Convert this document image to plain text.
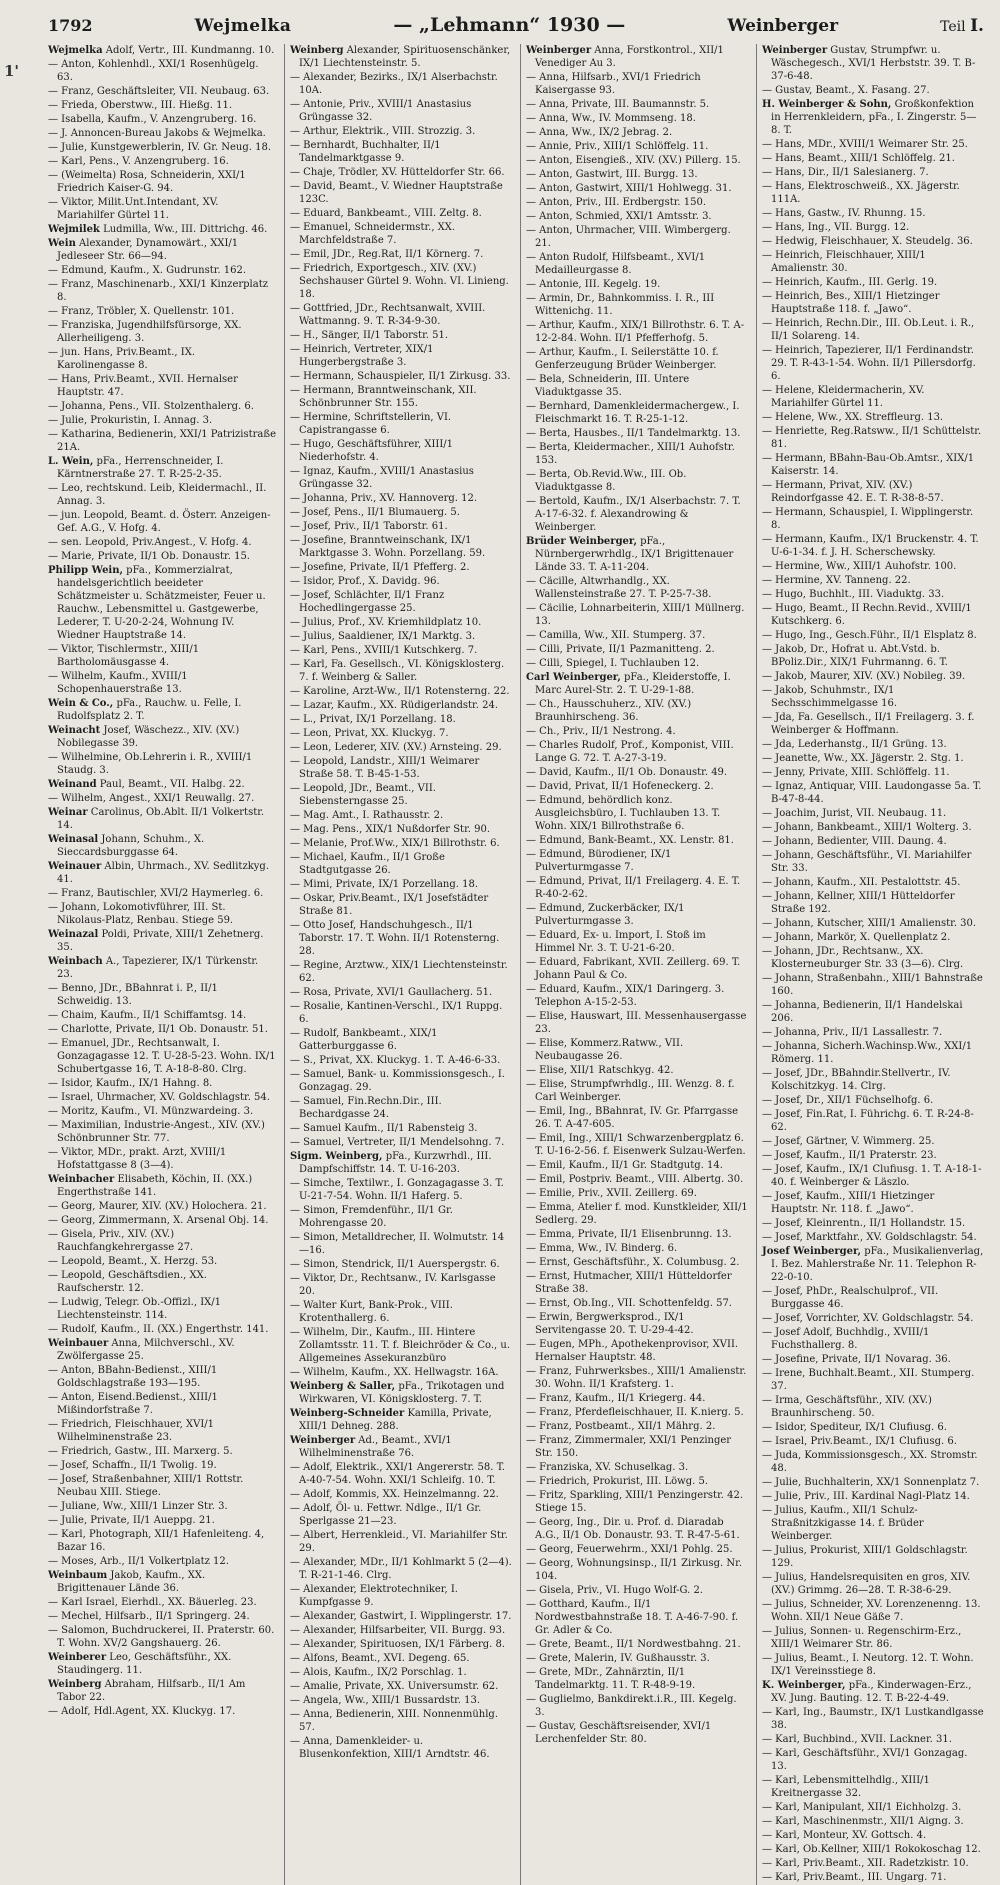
1'
1792	Wejmelka	— „Lehmann“ 1930 —	Weinberger	Teil I.
Wejmelka Adolf, Vertr., III. Kundmanng. 10.
— Anton, Kohlenhdl., XXI/1 Rosenhügelg. 63.
— Franz, Geschäftsleiter, VII. Neubaug. 63.
— Frieda, Oberstww., III. Hießg. 11.
— Isabella, Kaufm., V. Anzengruberg. 16.
— J. Annoncen-Bureau Jakobs & Wejmelka.
— Julie, Kunstgewerblerin, IV. Gr. Neug. 18.
— Karl, Pens., V. Anzengruberg. 16.
— (Weimelta) Rosa, Schneiderin, XXI/1 Friedrich Kaiser-G. 94.
— Viktor, Milit.Unt.Intendant, XV. Mariahilfer Gürtel 11.
Wejmilek Ludmilla, Ww., III. Dittrichg. 46.
Wein Alexander, Dynamowärt., XXI/1 Jedleseer Str. 66—94.
— Edmund, Kaufm., X. Gudrunstr. 162.
— Franz, Maschinenarb., XXI/1 Kinzerplatz 8.
— Franz, Tröbler, X. Quellenstr. 101.
— Franziska, Jugendhilfsfürsorge, XX. Allerheiligeng. 3.
— jun. Hans, Priv.Beamt., IX. Karolinengasse 8.
— Hans, Priv.Beamt., XVII. Hernalser Hauptstr. 47.
— Johanna, Pens., VII. Stolzenthalerg. 6.
— Julie, Prokuristin, I. Annag. 3.
— Katharina, Bedienerin, XXI/1 Patrizistraße 21A.
L. Wein, pFa., Herrenschneider, I. Kärntnerstraße 27. T. R-25-2-35.
— Leo, rechtskund. Leib, Kleidermachl., II. Annag. 3.
— jun. Leopold, Beamt. d. Österr. Anzeigen-Gef. A.G., V. Hofg. 4.
— sen. Leopold, Priv.Angest., V. Hofg. 4.
— Marie, Private, II/1 Ob. Donaustr. 15.
Philipp Wein, pFa., Kommerzialrat, handelsgerichtlich beeideter Schätzmeister u. Schätzmeister, Feuer u. Rauchw., Lebensmittel u. Gastgewerbe, Lederer, T. U-20-2-24, Wohnung IV. Wiedner Hauptstraße 14.
— Viktor, Tischlermstr., XIII/1 Bartholomäusgasse 4.
— Wilhelm, Kaufm., XVIII/1 Schopenhauerstraße 13.
Wein & Co., pFa., Rauchw. u. Felle, I. Rudolfsplatz 2. T.
Weinacht Josef, Wäschezz., XIV. (XV.) Nobilegasse 39.
— Wilhelmine, Ob.Lehrerin i. R., XVIII/1 Staudg. 3.
Weinand Paul, Beamt., VII. Halbg. 22.
— Wilhelm, Angest., XXI/1 Reuwallg. 27.
Weinar Carolinus, Ob.Ablt. II/1 Volkertstr. 14.
Weinasal Johann, Schuhm., X. Sieccardsburggasse 64.
Weinauer Albin, Uhrmach., XV. Sedlitzkyg. 41.
— Franz, Bautischler, XVI/2 Haymerleg. 6.
— Johann, Lokomotivführer, III. St. Nikolaus-Platz, Renbau. Stiege 59.
Weinazal Poldi, Private, XIII/1 Zehetnerg. 35.
Weinbach A., Tapezierer, IX/1 Türkenstr. 23.
— Benno, JDr., BBahnrat i. P., II/1 Schweidig. 13.
— Chaim, Kaufm., II/1 Schiffamtsg. 14.
— Charlotte, Private, II/1 Ob. Donaustr. 51.
— Emanuel, JDr., Rechtsanwalt, I. Gonzagagasse 12. T. U-28-5-23. Wohn. IX/1 Schubertgasse 16, T. A-18-8-80. Clrg.
— Isidor, Kaufm., IX/1 Hahng. 8.
— Israel, Uhrmacher, XV. Goldschlagstr. 54.
— Moritz, Kaufm., VI. Münzwardeing. 3.
— Maximilian, Industrie-Angest., XIV. (XV.) Schönbrunner Str. 77.
— Viktor, MDr., prakt. Arzt, XVIII/1 Hofstattgasse 8 (3—4).
Weinbacher Elisabeth, Köchin, II. (XX.) Engerthstraße 141.
— Georg, Maurer, XIV. (XV.) Holochera. 21.
— Georg, Zimmermann, X. Arsenal Obj. 14.
— Gisela, Priv., XIV. (XV.) Rauchfangkehrergasse 27.
— Leopold, Beamt., X. Herzg. 53.
— Leopold, Geschäftsdien., XX. Raufscherstr. 12.
— Ludwig, Telegr. Ob.-Offizl., IX/1 Liechtensteinstr. 114.
— Rudolf, Kaufm., II. (XX.) Engerthstr. 141.
Weinbauer Anna, Milchverschl., XV. Zwölfergasse 25.
— Anton, BBahn-Bedienst., XIII/1 Goldschlagstraße 193—195.
— Anton, Eisend.Bedienst., XIII/1 Mißindorfstraße 7.
— Friedrich, Fleischhauer, XVI/1 Wilhelminenstraße 23.
— Friedrich, Gastw., III. Marxerg. 5.
— Josef, Schaffn., II/1 Twolig. 19.
— Josef, Straßenbahner, XIII/1 Rottstr. Neubau XIII. Stiege.
— Juliane, Ww., XIII/1 Linzer Str. 3.
— Julie, Private, II/1 Aueppg. 21.
— Karl, Photograph, XII/1 Hafenleiteng. 4, Bazar 16.
— Moses, Arb., II/1 Volkertplatz 12.
Weinbaum Jakob, Kaufm., XX. Brigittenauer Lände 36.
— Karl Israel, Eierhdl., XX. Bäuerleg. 23.
— Mechel, Hilfsarb., II/1 Springerg. 24.
— Salomon, Buchdruckerei, II. Praterstr. 60. T. Wohn. XV/2 Gangshauerg. 26.
Weinberer Leo, Geschäftsführ., XX. Staudingerg. 11.
Weinberg Abraham, Hilfsarb., II/1 Am Tabor 22.
— Adolf, Hdl.Agent, XX. Kluckyg. 17.
Weinberg Alexander, Spirituosenschänker, IX/1 Liechtensteinstr. 5.
— Alexander, Bezirks., IX/1 Alserbachstr. 10A.
— Antonie, Priv., XVIII/1 Anastasius Grüngasse 32.
— Arthur, Elektrik., VIII. Strozzig. 3.
— Bernhardt, Buchhalter, II/1 Tandelmarktgasse 9.
— Chaje, Trödler, XV. Hütteldorfer Str. 66.
— David, Beamt., V. Wiedner Hauptstraße 123C.
— Eduard, Bankbeamt., VIII. Zeltg. 8.
— Emanuel, Schneidermstr., XX. Marchfeldstraße 7.
— Emil, JDr., Reg.Rat, II/1 Körnerg. 7.
— Friedrich, Exportgesch., XIV. (XV.) Sechshauser Gürtel 9. Wohn. VI. Linieng. 18.
— Gottfried, JDr., Rechtsanwalt, XVIII. Wattmanng. 9. T. R-34-9-30.
— H., Sänger, II/1 Taborstr. 51.
— Heinrich, Vertreter, XIX/1 Hungerbergstraße 3.
— Hermann, Schauspieler, II/1 Zirkusg. 33.
— Hermann, Branntweinschank, XII. Schönbrunner Str. 155.
— Hermine, Schriftstellerin, VI. Capistrangasse 6.
— Hugo, Geschäftsführer, XIII/1 Niederhofstr. 4.
— Ignaz, Kaufm., XVIII/1 Anastasius Grüngasse 32.
— Johanna, Priv., XV. Hannoverg. 12.
— Josef, Pens., II/1 Blumauerg. 5.
— Josef, Priv., II/1 Taborstr. 61.
— Josefine, Branntweinschank, IX/1 Marktgasse 3. Wohn. Porzellang. 59.
— Josefine, Private, II/1 Pfefferg. 2.
— Isidor, Prof., X. Davidg. 96.
— Josef, Schlächter, II/1 Franz Hochedlingergasse 25.
— Julius, Prof., XV. Kriemhildplatz 10.
— Julius, Saaldiener, IX/1 Marktg. 3.
— Karl, Pens., XVIII/1 Kutschkerg. 7.
— Karl, Fa. Gesellsch., VI. Königsklosterg. 7. f. Weinberg & Saller.
— Karoline, Arzt-Ww., II/1 Rotensterng. 22.
— Lazar, Kaufm., XX. Rüdigerlandstr. 24.
— L., Privat, IX/1 Porzellang. 18.
— Leon, Privat, XX. Kluckyg. 7.
— Leon, Lederer, XIV. (XV.) Arnsteing. 29.
— Leopold, Landstr., XIII/1 Weimarer Straße 58. T. B-45-1-53.
— Leopold, JDr., Beamt., VII. Siebensterngasse 25.
— Mag. Amt., I. Rathausstr. 2.
— Mag. Pens., XIX/1 Nußdorfer Str. 90.
— Melanie, Prof.Ww., XIX/1 Billrothstr. 6.
— Michael, Kaufm., II/1 Große Stadtgutgasse 26.
— Mimi, Private, IX/1 Porzellang. 18.
— Oskar, Priv.Beamt., IX/1 Josefstädter Straße 81.
— Otto Josef, Handschuhgesch., II/1 Taborstr. 17. T. Wohn. II/1 Rotensterng. 28.
— Regine, Arztww., XIX/1 Liechtensteinstr. 62.
— Rosa, Private, XVI/1 Gaullacherg. 51.
— Rosalie, Kantinen-Verschl., IX/1 Ruppg. 6.
— Rudolf, Bankbeamt., XIX/1 Gatterburggasse 6.
— S., Privat, XX. Kluckyg. 1. T. A-46-6-33.
— Samuel, Bank- u. Kommissionsgesch., I. Gonzagag. 29.
— Samuel, Fin.Rechn.Dir., III. Bechardgasse 24.
— Samuel Kaufm., II/1 Rabensteig 3.
— Samuel, Vertreter, II/1 Mendelsohng. 7.
Sigm. Weinberg, pFa., Kurzwrhdl., III. Dampfschiffstr. 14. T. U-16-203.
— Simche, Textilwr., I. Gonzagagasse 3. T. U-21-7-54. Wohn. II/1 Haferg. 5.
— Simon, Fremdenführ., II/1 Gr. Mohrengasse 20.
— Simon, Metalldrecher, II. Wolmutstr. 14—16.
— Simon, Stendrick, II/1 Auerspergstr. 6.
— Viktor, Dr., Rechtsanw., IV. Karlsgasse 20.
— Walter Kurt, Bank-Prok., VIII. Krotenthallerg. 6.
— Wilhelm, Dir., Kaufm., III. Hintere Zollamtsstr. 11. T. f. Bleichröder & Co., u. Allgemeines Assekuranzbüro
— Wilhelm, Kaufm., XX. Hellwagstr. 16A.
Weinberg & Saller, pFa., Trikotagen und Wirkwaren, VI. Königsklosterg. 7. T.
Weinberg-Schneider Kamilla, Private, XIII/1 Dehneg. 288.
Weinberger Ad., Beamt., XVI/1 Wilhelminenstraße 76.
— Adolf, Elektrik., XXI/1 Angererstr. 58. T. A-40-7-54. Wohn. XXI/1 Schleifg. 10. T.
— Adolf, Kommis, XX. Heinzelmanng. 22.
— Adolf, Öl- u. Fettwr. Ndlge., II/1 Gr. Sperlgasse 21—23.
— Albert, Herrenkleid., VI. Mariahilfer Str. 29.
— Alexander, MDr., II/1 Kohlmarkt 5 (2—4). T. R-21-1-46. Clrg.
— Alexander, Elektrotechniker, I. Kumpfgasse 9.
— Alexander, Gastwirt, I. Wipplingerstr. 17.
— Alexander, Hilfsarbeiter, VII. Burgg. 93.
— Alexander, Spirituosen, IX/1 Färberg. 8.
— Alfons, Beamt., XVI. Degeng. 65.
— Alois, Kaufm., IX/2 Porschlag. 1.
— Amalie, Private, XX. Universumstr. 62.
— Angela, Ww., XIII/1 Bussardstr. 13.
— Anna, Bedienerin, XIII. Nonnenmühlg. 57.
— Anna, Damenkleider- u. Blusenkonfektion, XIII/1 Arndtstr. 46.
Weinberger Anna, Forstkontrol., XII/1 Venediger Au 3.
— Anna, Hilfsarb., XVI/1 Friedrich Kaisergasse 93.
— Anna, Private, III. Baumannstr. 5.
— Anna, Ww., IV. Mommseng. 18.
— Anna, Ww., IX/2 Jebrag. 2.
— Annie, Priv., XIII/1 Schlöffelg. 11.
— Anton, Eisengieß., XIV. (XV.) Pillerg. 15.
— Anton, Gastwirt, III. Burgg. 13.
— Anton, Gastwirt, XIII/1 Hohlwegg. 31.
— Anton, Priv., III. Erdbergstr. 150.
— Anton, Schmied, XXI/1 Amtsstr. 3.
— Anton, Uhrmacher, VIII. Wimbergerg. 21.
— Anton Rudolf, Hilfsbeamt., XVI/1 Medailleurgasse 8.
— Antonie, III. Kegelg. 19.
— Armin, Dr., Bahnkommiss. I. R., III Wittenichg. 11.
— Arthur, Kaufm., XIX/1 Billrothstr. 6. T. A-12-2-84. Wohn. II/1 Pfefferhofg. 5.
— Arthur, Kaufm., I. Seilerstätte 10. f. Genferzeugung Brüder Weinberger.
— Bela, Schneiderin, III. Untere Viaduktgasse 35.
— Bernhard, Damenkleidermachergew., I. Fleischmarkt 16. T. R-25-1-12.
— Berta, Hausbes., II/1 Tandelmarktg. 13.
— Berta, Kleidermacher., XIII/1 Auhofstr. 153.
— Berta, Ob.Revid.Ww., III. Ob. Viaduktgasse 8.
— Bertold, Kaufm., IX/1 Alserbachstr. 7. T. A-17-6-32. f. Alexandrowing & Weinberger.
Brüder Weinberger, pFa., Nürnbergerwrhdlg., IX/1 Brigittenauer Lände 33. T. A-11-204.
— Cäcille, Altwrhandlg., XX. Wallensteinstraße 27. T. P-25-7-38.
— Cäcilie, Lohnarbeiterin, XIII/1 Müllnerg. 13.
— Camilla, Ww., XII. Stumperg. 37.
— Cilli, Private, II/1 Pazmanitteng. 2.
— Cilli, Spiegel, I. Tuchlauben 12.
Carl Weinberger, pFa., Kleiderstoffe, I. Marc Aurel-Str. 2. T. U-29-1-88.
— Ch., Hausschuherz., XIV. (XV.) Braunhirscheng. 36.
— Ch., Priv., II/1 Nestrong. 4.
— Charles Rudolf, Prof., Komponist, VIII. Lange G. 72. T. A-27-3-19.
— David, Kaufm., II/1 Ob. Donaustr. 49.
— David, Privat, II/1 Hofeneckerg. 2.
— Edmund, behördlich konz. Ausgleichsbüro, I. Tuchlauben 13. T. Wohn. XIX/1 Billrothstraße 6.
— Edmund, Bank-Beamt., XX. Lenstr. 81.
— Edmund, Bürodiener, IX/1 Pulverturmgasse 7.
— Edmund, Privat, II/1 Freilagerg. 4. E. T. R-40-2-62.
— Edmund, Zuckerbäcker, IX/1 Pulverturmgasse 3.
— Eduard, Ex- u. Import, I. Stoß im Himmel Nr. 3. T. U-21-6-20.
— Eduard, Fabrikant, XVII. Zeillerg. 69. T. Johann Paul & Co.
— Eduard, Kaufm., XIX/1 Daringerg. 3. Telephon A-15-2-53.
— Elise, Hauswart, III. Messenhausergasse 23.
— Elise, Kommerz.Ratww., VII. Neubaugasse 26.
— Elise, XII/1 Ratschkyg. 42.
— Elise, Strumpfwrhdlg., III. Wenzg. 8. f. Carl Weinberger.
— Emil, Ing., BBahnrat, IV. Gr. Pfarrgasse 26. T. A-47-605.
— Emil, Ing., XIII/1 Schwarzenbergplatz 6. T. U-16-2-56. f. Eisenwerk Sulzau-Werfen.
— Emil, Kaufm., II/1 Gr. Stadtgutg. 14.
— Emil, Postpriv. Beamt., VIII. Albertg. 30.
— Emilie, Priv., XVII. Zeillerg. 69.
— Emma, Atelier f. mod. Kunstkleider, XII/1 Sedlerg. 29.
— Emma, Private, II/1 Elisenbrunng. 13.
— Emma, Ww., IV. Binderg. 6.
— Ernst, Geschäftsführ., X. Columbusg. 2.
— Ernst, Hutmacher, XIII/1 Hütteldorfer Straße 38.
— Ernst, Ob.Ing., VII. Schottenfeldg. 57.
— Erwin, Bergwerksprod., IX/1 Servitengasse 20. T. U-29-4-42.
— Eugen, MPh., Apothekenprovisor, XVII. Hernalser Hauptstr. 48.
— Franz, Fuhrwerksbes., XIII/1 Amalienstr. 30. Wohn. II/1 Krafsterg. 1.
— Franz, Kaufm., II/1 Kriegerg. 44.
— Franz, Pferdefleischhauer, II. K.nierg. 5.
— Franz, Postbeamt., XII/1 Mährg. 2.
— Franz, Zimmermaler, XXI/1 Penzinger Str. 150.
— Franziska, XV. Schuselkag. 3.
— Friedrich, Prokurist, III. Löwg. 5.
— Fritz, Sparkling, XIII/1 Penzingerstr. 42. Stiege 15.
— Georg, Ing., Dir. u. Prof. d. Diaradab A.G., II/1 Ob. Donaustr. 93. T. R-47-5-61.
— Georg, Feuerwehrm., XXI/1 Pohlg. 25.
— Georg, Wohnungsinsp., II/1 Zirkusg. Nr. 104.
— Gisela, Priv., VI. Hugo Wolf-G. 2.
— Gotthard, Kaufm., II/1 Nordwestbahnstraße 18. T. A-46-7-90. f. Gr. Adler & Co.
— Grete, Beamt., II/1 Nordwestbahng. 21.
— Grete, Malerin, IV. Gußhausstr. 3.
— Grete, MDr., Zahnärztin, II/1 Tandelmarktg. 11. T. R-48-9-19.
— Guglielmo, Bankdirekt.i.R., III. Kegelg. 3.
— Gustav, Geschäftsreisender, XVI/1 Lerchenfelder Str. 80.
Weinberger Gustav, Strumpfwr. u. Wäschegesch., XVI/1 Herbststr. 39. T. B-37-6-48.
— Gustav, Beamt., X. Fasang. 27.
H. Weinberger & Sohn, Großkonfektion in Herrenkleidern, pFa., I. Zingerstr. 5—8. T.
— Hans, MDr., XVIII/1 Weimarer Str. 25.
— Hans, Beamt., XIII/1 Schlöffelg. 21.
— Hans, Dir., II/1 Salesianerg. 7.
— Hans, Elektroschweiß., XX. Jägerstr. 111A.
— Hans, Gastw., IV. Rhunng. 15.
— Hans, Ing., VII. Burgg. 12.
— Hedwig, Fleischhauer, X. Steudelg. 36.
— Heinrich, Fleischhauer, XIII/1 Amalienstr. 30.
— Heinrich, Kaufm., III. Gerlg. 19.
— Heinrich, Bes., XIII/1 Hietzinger Hauptstraße 118. f. „Jawo“.
— Heinrich, Rechn.Dir., III. Ob.Leut. i. R., II/1 Solareng. 14.
— Heinrich, Tapezierer, II/1 Ferdinandstr. 29. T. R-43-1-54. Wohn. II/1 Pillersdorfg. 6.
— Helene, Kleidermacherin, XV. Mariahilfer Gürtel 11.
— Helene, Ww., XX. Streffleurg. 13.
— Henriette, Reg.Ratsww., II/1 Schüttelstr. 81.
— Hermann, BBahn-Bau-Ob.Amtsr., XIX/1 Kaiserstr. 14.
— Hermann, Privat, XIV. (XV.) Reindorfgasse 42. E. T. R-38-8-57.
— Hermann, Schauspiel, I. Wipplingerstr. 8.
— Hermann, Kaufm., IX/1 Bruckenstr. 4. T. U-6-1-34. f. J. H. Scherschewsky.
— Hermine, Ww., XIII/1 Auhofstr. 100.
— Hermine, XV. Tanneng. 22.
— Hugo, Buchhlt., III. Viaduktg. 33.
— Hugo, Beamt., II Rechn.Revid., XVIII/1 Kutschkerg. 6.
— Hugo, Ing., Gesch.Führ., II/1 Elsplatz 8.
— Jakob, Dr., Hofrat u. Abt.Vstd. b. BPoliz.Dir., XIX/1 Fuhrmanng. 6. T.
— Jakob, Maurer, XIV. (XV.) Nobileg. 39.
— Jakob, Schuhmstr., IX/1 Sechsschimmelgasse 16.
— Jda, Fa. Gesellsch., II/1 Freilagerg. 3. f. Weinberger & Hoffmann.
— Jda, Lederhanstg., II/1 Grüng. 13.
— Jeanette, Ww., XX. Jägerstr. 2. Stg. 1.
— Jenny, Private, XIII. Schlöffelg. 11.
— Ignaz, Antiquar, VIII. Laudongasse 5a. T. B-47-8-44.
— Joachim, Jurist, VII. Neubaug. 11.
— Johann, Bankbeamt., XIII/1 Wolterg. 3.
— Johann, Bedienter, VIII. Daung. 4.
— Johann, Geschäftsführ., VI. Mariahilfer Str. 33.
— Johann, Kaufm., XII. Pestalottstr. 45.
— Johann, Kellner, XIII/1 Hütteldorfer Straße 192.
— Johann, Kutscher, XIII/1 Amalienstr. 30.
— Johann, Markör, X. Quellenplatz 2.
— Johann, JDr., Rechtsanw., XX. Klosterneuburger Str. 33 (3—6). Clrg.
— Johann, Straßenbahn., XIII/1 Bahnstraße 160.
— Johanna, Bedienerin, II/1 Handelskai 206.
— Johanna, Priv., II/1 Lassallestr. 7.
— Johanna, Sicherh.Wachinsp.Ww., XXI/1 Römerg. 11.
— Josef, JDr., BBahndir.Stellvertr., IV. Kolschitzkyg. 14. Clrg.
— Josef, Dr., XII/1 Füchselhofg. 6.
— Josef, Fin.Rat, I. Führichg. 6. T. R-24-8-62.
— Josef, Gärtner, V. Wimmerg. 25.
— Josef, Kaufm., II/1 Praterstr. 23.
— Josef, Kaufm., IX/1 Clufiusg. 1. T. A-18-1-40. f. Weinberger & Läszlo.
— Josef, Kaufm., XIII/1 Hietzinger Hauptstr. Nr. 118. f. „Jawo“.
— Josef, Kleinrentn., II/1 Hollandstr. 15.
— Josef, Marktfahr., XV. Goldschlagstr. 54.
Josef Weinberger, pFa., Musikalienverlag, I. Bez. Mahlerstraße Nr. 11. Telephon R-22-0-10.
— Josef, PhDr., Realschulprof., VII. Burggasse 46.
— Josef, Vorrichter, XV. Goldschlagstr. 54.
— Josef Adolf, Buchhdlg., XVIII/1 Fuchsthallerg. 8.
— Josefine, Private, II/1 Novarag. 36.
— Irene, Buchhalt.Beamt., XII. Stumperg. 37.
— Irma, Geschäftsführ., XIV. (XV.) Braunhirscheng. 50.
— Isidor, Spediteur, IX/1 Clufiusg. 6.
— Israel, Priv.Beamt., IX/1 Clufiusg. 6.
— Juda, Kommissionsgesch., XX. Stromstr. 48.
— Julie, Buchhalterin, XX/1 Sonnenplatz 7.
— Julie, Priv., III. Kardinal Nagl-Platz 14.
— Julius, Kaufm., XII/1 Schulz-Straßnitzkigasse 14. f. Brüder Weinberger.
— Julius, Prokurist, XIII/1 Goldschlagstr. 129.
— Julius, Handelsrequisiten en gros, XIV. (XV.) Grimmg. 26—28. T. R-38-6-29.
— Julius, Schneider, XV. Lorenzenenng. 13. Wohn. XII/1 Neue Gäße 7.
— Julius, Sonnen- u. Regenschirm-Erz., XIII/1 Weimarer Str. 86.
— Julius, Beamt., I. Neutorg. 12. T. Wohn. IX/1 Vereinsstiege 8.
K. Weinberger, pFa., Kinderwagen-Erz., XV. Jung. Bauting. 12. T. B-22-4-49.
— Karl, Ing., Baumstr., IX/1 Lustkandlgasse 38.
— Karl, Buchbind., XVII. Lackner. 31.
— Karl, Geschäftsführ., XVI/1 Gonzagag. 13.
— Karl, Lebensmittelhdlg., XIII/1 Kreitnergasse 32.
— Karl, Manipulant, XII/1 Eichholzg. 3.
— Karl, Maschinenmstr., XII/1 Aigng. 3.
— Karl, Monteur, XV. Gottsch. 4.
— Karl, Ob.Kellner, XIII/1 Rokokoschag 12.
— Karl, Priv.Beamt., XII. Radetzkistr. 10.
— Karl, Priv.Beamt., III. Ungarg. 71.
